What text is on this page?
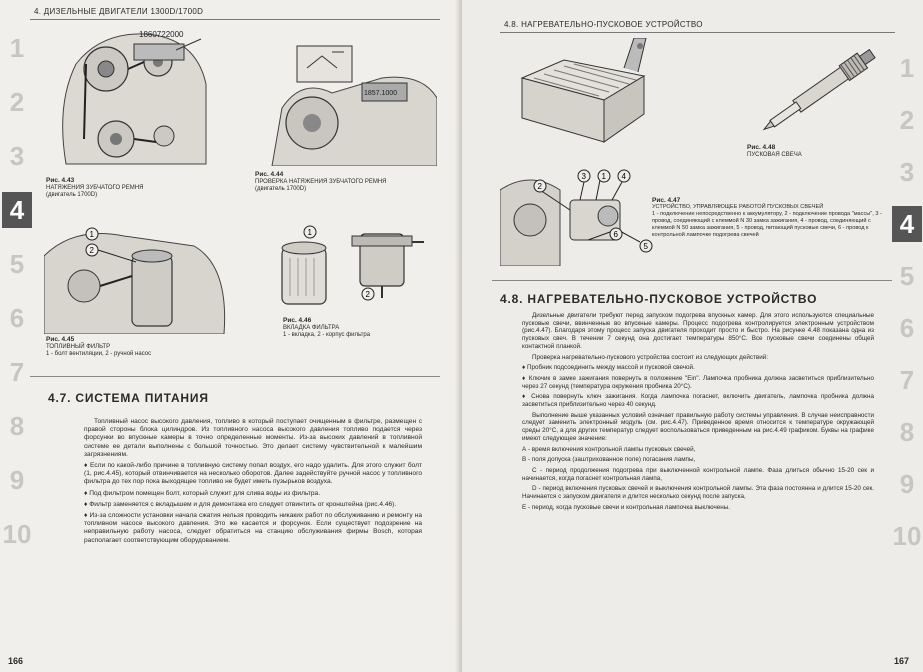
4. ДИЗЕЛЬНЫЕ ДВИГАТЕЛИ 1300D/1700D
1
2
3
4
5
6
7
8
9
10
1860722000
Рис. 4.43
НАТЯЖЕНИЯ ЗУБЧАТОГО РЕМНЯ
(двигатель 1700D)
1857.1000
Рис. 4.44
ПРОВЕРКА НАТЯЖЕНИЯ ЗУБЧАТОГО РЕМНЯ
(двигатель 1700D)
1
2
Рис. 4.45
ТОПЛИВНЫЙ ФИЛЬТР
1 - болт вентиляции, 2 - ручной насос
1
2
Рис. 4.46
ВКЛАДКА ФИЛЬТРА
1 - вкладка, 2 - корпус фильтра
4.7. СИСТЕМА ПИТАНИЯ

Топливный насос высокого давления, топливо в который поступает очищенным в фильтре, размещен с правой стороны блока цилиндров. Из топливного насоса высокого давления топливо подается через форсунки во впускные камеры в точно определенные моменты. Из-за высоких давлений в топливной системе ее детали выполнены с большой точностью. Это делает систему чувствительной к малейшим загрязнениям.

♦ Если по какой-либо причине в топливную систему попал воздух, его надо удалить. Для этого служит болт (1, рис.4.45), который отвинчивается на несколько оборотов. Далее задействуйте ручной насос у топливного фильтра до тех пор пока выходящее топливо не будет иметь пузырьков воздуха.

♦ Под фильтром помещен болт, который служит для слива воды из фильтра.

♦ Фильтр заменяется с вкладышем и для демонтажа его следует отвинтить от кронштейна (рис.4.46).

♦ Из-за сложности установки начала сжатия нельзя проводить никаких работ по обслуживанию и ремонту на топливном насосе высокого давления. Это же касается и форсунок. Если существует подозрение на неправильную работу насоса, следует обратиться на станцию обслуживания фирмы Bosch, которая располагает соответствующим оборудованием.

166
4.8. НАГРЕВАТЕЛЬНО-ПУСКОВОЕ УСТРОЙСТВО
1
2
3
4
5
6
7
8
9
10
Рис. 4.48
ПУСКОВАЯ СВЕЧА
1
2
3	4
5
6
Рис. 4.47
УСТРОЙСТВО, УПРАВЛЯЮЩЕЕ РАБОТОЙ ПУСКОВЫХ СВЕЧЕЙ
1 - подключение непосредственно к аккумулятору, 2 - подключение провода "массы", 3 - провод, соединяющий с клеммой N 30 замка зажигания, 4 - провод, соединяющий с клеммой N 50 замка зажигания, 5 - провод, питающий пусковые свечи, 6 - провод к контрольной лампочке подогрева свечей
4.8. НАГРЕВАТЕЛЬНО-ПУСКОВОЕ УСТРОЙСТВО

Дизельные двигатели требуют перед запуском подогрева впускных камер. Для этого используются специальные пусковые свечи, ввинченные во впускные камеры. Процесс подогрева контролируется электронным устройством (рис.4.47). Благодаря этому процесс запуска двигателя проходит просто и быстро. На рисунке 4.48 показана одна из пусковых свеч. В течении 7 секунд она достигает температуры 850°C. Все пусковые свечи соединены общей контактной планкой.

Проверка нагревательно-пускового устройства состоит из следующих действий:

♦ Пробник подсоединить между массой и пусковой свечой.

♦ Ключик в замке зажигания повернуть в положение "Ein". Лампочка пробника должна засветиться приблизительно через 27 секунд (температура окружения пробника 20°C).

♦ Снова повернуть ключ зажигания. Когда лампочка погаснет, включить двигатель, лампочка пробника должна засветиться приблизительно через 40 секунд.

Выполнение выше указанных условий означает правильную работу системы управления. В случае неисправности следует заменить электронный модуль (см. рис.4.47). Приведенное время относится к температуре окружающей среды 20°C, а для других температур следует воспользоваться приведенным на рис.4.49 графиком. Буквы на графике имеют следующее значение:

А - время включения контрольной лампы пусковых свечей,

В - поля допуска (заштрихованное поле) погасания лампы,

С - период продолжения подогрева при выключенной контрольной лампе. Фаза длиться обычно 15-20 сек и начинается, когда погаснет контрольная лампа,

D - период включения пусковых свечей и выключения контрольной лампы. Эта фаза постоянна и длится 15-20 сек. Начинается с запуском двигателя и длится несколько секунд после запуска,

Е - период, когда пусковые свечи и контрольная лампочка выключены.

167
